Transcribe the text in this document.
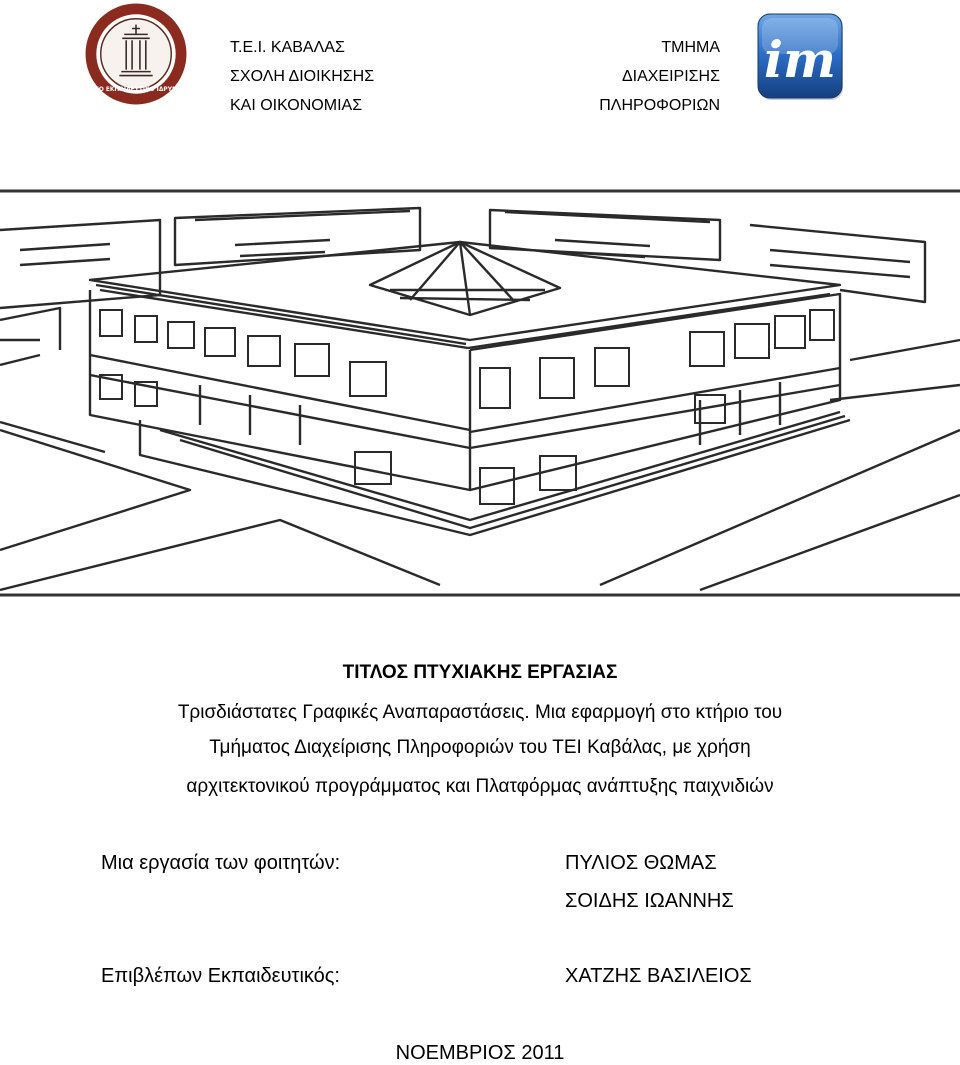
ΤΕΧΝΟΛΟΓΙΚΟ ΕΚΠΑΙΔΕΥΤΙΚΟ ΙΔΡΥΜΑ ΚΑΒΑΛΑΣ
Τ.Ε.Ι. ΚΑΒΑΛΑΣ
ΣΧΟΛΗ ΔΙΟΙΚΗΣΗΣ
ΚΑΙ ΟΙΚΟΝΟΜΙΑΣ
ΤΜΗΜΑ
ΔΙΑΧΕΙΡΙΣΗΣ
ΠΛΗΡΟΦΟΡΙΩΝ
im
ΤΙΤΛΟΣ ΠΤΥΧΙΑΚΗΣ ΕΡΓΑΣΙΑΣ
Τρισδιάστατες Γραφικές Αναπαραστάσεις. Μια εφαρμογή στο κτήριο του
Τμήματος Διαχείρισης Πληροφοριών του ΤΕΙ Καβάλας, με χρήση
αρχιτεκτονικού προγράμματος και Πλατφόρμας ανάπτυξης παιχνιδιών
Μια εργασία των φοιτητών:	ΠΥΛΙΟΣ ΘΩΜΑΣ
ΣΟΙΔΗΣ ΙΩΑΝΝΗΣ
Επιβλέπων Εκπαιδευτικός:	ΧΑΤΖΗΣ ΒΑΣΙΛΕΙΟΣ
ΝΟΕΜΒΡΙΟΣ 2011
